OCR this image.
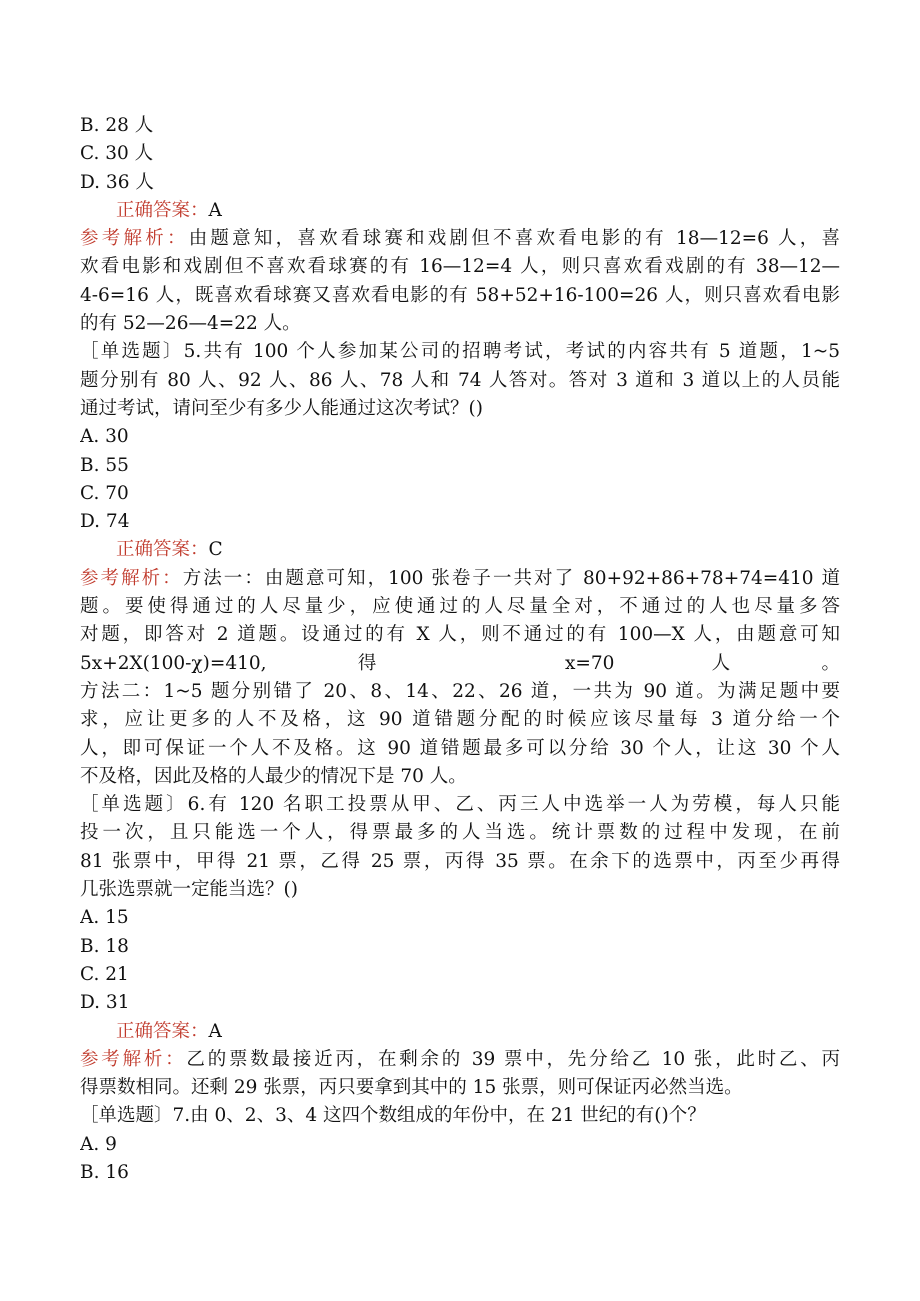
B. 28 人
C. 30 人
D. 36 人
正确答案：A
参考解析：由题意知，喜欢看球赛和戏剧但不喜欢看电影的有 18—12=6 人，喜
欢看电影和戏剧但不喜欢看球赛的有 16—12=4 人，则只喜欢看戏剧的有 38—12—
4-6=16 人，既喜欢看球赛又喜欢看电影的有 58+52+16-100=26 人，则只喜欢看电影
的有 52—26—4=22 人。
［单选题〕5.共有 100 个人参加某公司的招聘考试，考试的内容共有 5 道题，1~5
题分别有 80 人、92 人、86 人、78 人和 74 人答对。答对 3 道和 3 道以上的人员能
通过考试，请问至少有多少人能通过这次考试？()
A. 30
B. 55
C. 70
D. 74
正确答案：C
参考解析：方法一：由题意可知，100 张卷子一共对了 80+92+86+78+74=410 道
题。要使得通过的人尽量少，应使通过的人尽量全对，不通过的人也尽量多答
对题，即答对 2 道题。设通过的有 X 人，则不通过的有 100—X 人，由题意可知
5x+2X(100-χ)=410,得 x=70 人。
方法二：1~5 题分别错了 20、8、14、22、26 道，一共为 90 道。为满足题中要
求，应让更多的人不及格，这 90 道错题分配的时候应该尽量每 3 道分给一个
人，即可保证一个人不及格。这 90 道错题最多可以分给 30 个人，让这 30 个人
不及格，因此及格的人最少的情况下是 70 人。
［单选题〕6.有 120 名职工投票从甲、乙、丙三人中选举一人为劳模，每人只能
投一次，且只能选一个人，得票最多的人当选。统计票数的过程中发现，在前
81 张票中，甲得 21 票，乙得 25 票，丙得 35 票。在余下的选票中，丙至少再得
几张选票就一定能当选？()
A. 15
B. 18
C. 21
D. 31
正确答案：A
参考解析：乙的票数最接近丙，在剩余的 39 票中，先分给乙 10 张，此时乙、丙
得票数相同。还剩 29 张票，丙只要拿到其中的 15 张票，则可保证丙必然当选。
［单选题〕7.由 0、2、3、4 这四个数组成的年份中，在 21 世纪的有()个？
A. 9
B. 16
